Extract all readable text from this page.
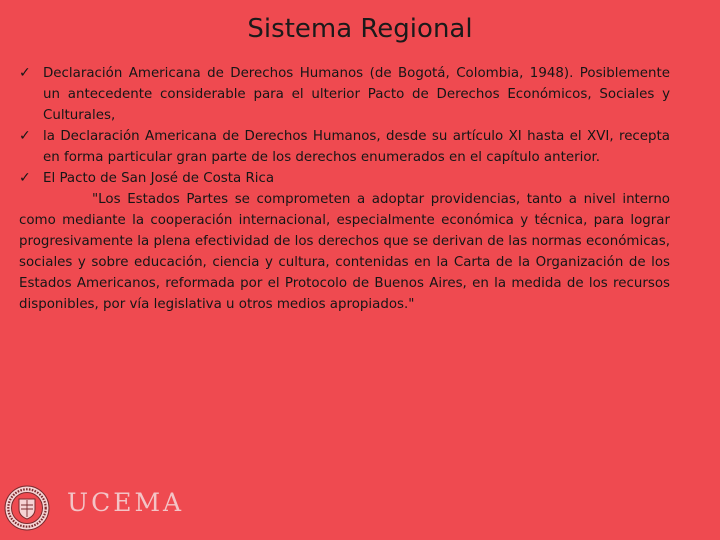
Sistema Regional
✓ Declaración Americana de Derechos Humanos (de Bogotá, Colombia, 1948). Posiblemente un antecedente considerable para el ulterior Pacto de Derechos Económicos, Sociales y Culturales,
✓ la Declaración Americana de Derechos Humanos, desde su artículo XI hasta el XVI, recepta en forma particular gran parte de los derechos enumerados en el capítulo anterior.
✓ El Pacto de San José de Costa Rica

"Los Estados Partes se comprometen a adoptar providencias, tanto a nivel interno como mediante la cooperación internacional, especialmente económica y técnica, para lograr progresivamente la plena efectividad de los derechos que se derivan de las normas económicas, sociales y sobre educación, ciencia y cultura, contenidas en la Carta de la Organización de los Estados Americanos, reformada por el Protocolo de Buenos Aires, en la medida de los recursos disponibles, por vía legislativa u otros medios apropiados."

UCEMA
